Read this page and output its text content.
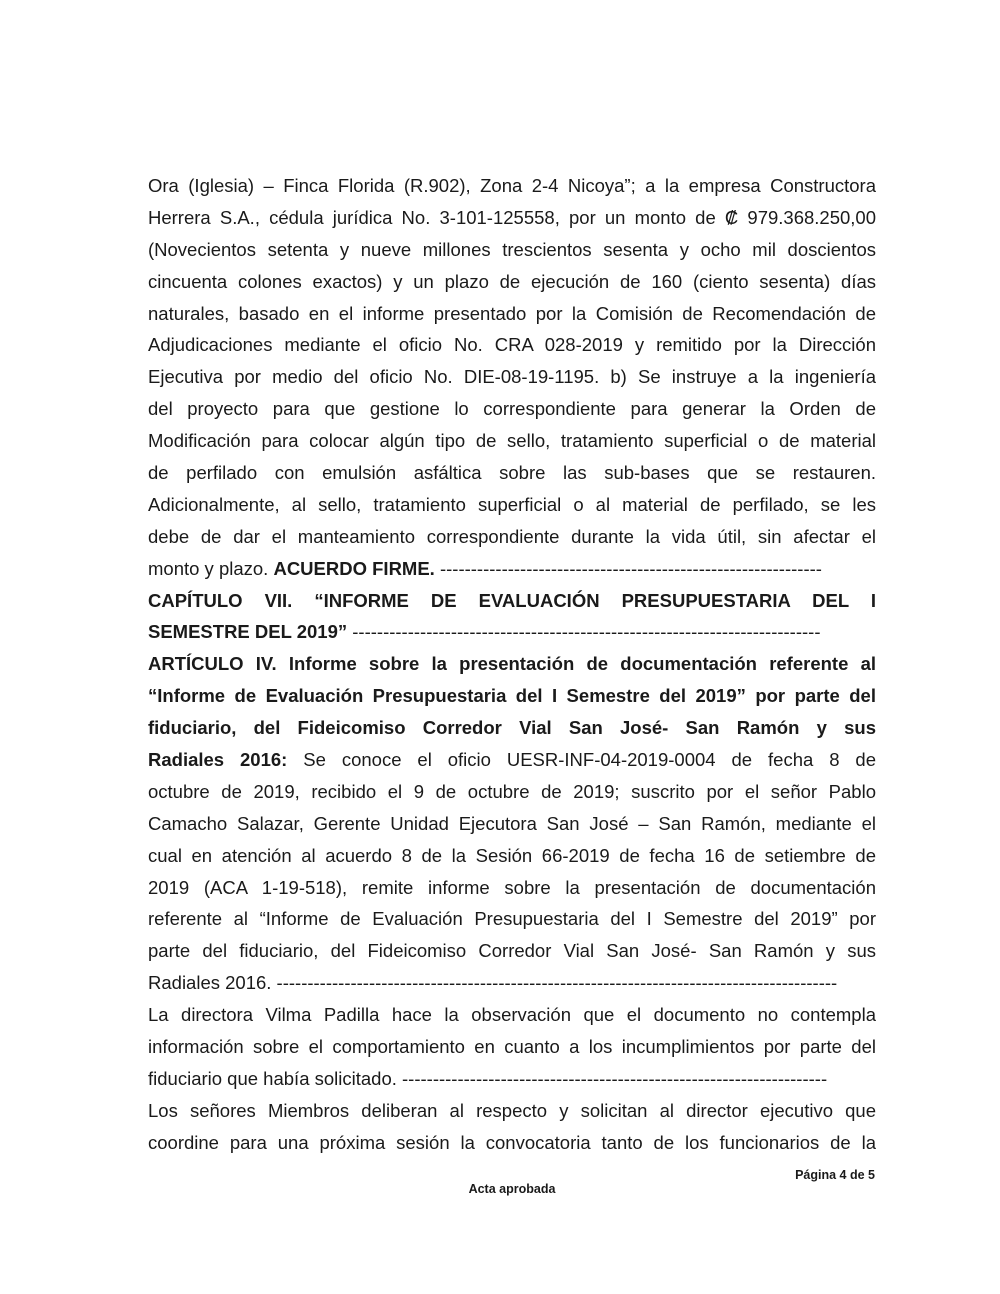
Ora (Iglesia) – Finca Florida (R.902), Zona 2-4 Nicoya”; a la empresa Constructora
Herrera S.A., cédula jurídica No. 3-101-125558, por un monto de ₡ 979.368.250,00
(Novecientos setenta y nueve millones trescientos sesenta y ocho mil doscientos
cincuenta colones exactos) y un plazo de ejecución de 160 (ciento sesenta) días
naturales, basado en el informe presentado por la Comisión de Recomendación de
Adjudicaciones mediante el oficio No. CRA 028-2019 y remitido por la Dirección
Ejecutiva por medio del oficio No. DIE-08-19-1195. b) Se instruye a la ingeniería
del proyecto para que gestione lo correspondiente para generar la Orden de
Modificación para colocar algún tipo de sello, tratamiento superficial o de material
de perfilado con emulsión asfáltica sobre las sub-bases que se restauren.
Adicionalmente, al sello, tratamiento superficial o al material de perfilado, se les
debe de dar el manteamiento correspondiente durante la vida útil, sin afectar el
monto y plazo. ACUERDO FIRME. --------------------------------------------------------------
CAPÍTULO VII. “INFORME DE EVALUACIÓN PRESUPUESTARIA DEL I
SEMESTRE DEL 2019” ----------------------------------------------------------------------------
ARTÍCULO IV. Informe sobre la presentación de documentación referente al
“Informe de Evaluación Presupuestaria del I Semestre del 2019” por parte del
fiduciario, del Fideicomiso Corredor Vial San José- San Ramón y sus
Radiales 2016: Se conoce el oficio UESR-INF-04-2019-0004 de fecha 8 de
octubre de 2019, recibido el 9 de octubre de 2019; suscrito por el señor Pablo
Camacho Salazar, Gerente Unidad Ejecutora San José – San Ramón, mediante el
cual en atención al acuerdo 8 de la Sesión 66-2019 de fecha 16 de setiembre de
2019 (ACA 1-19-518), remite informe sobre la presentación de documentación
referente al “Informe de Evaluación Presupuestaria del I Semestre del 2019” por
parte del fiduciario, del Fideicomiso Corredor Vial San José- San Ramón y sus
Radiales 2016. -------------------------------------------------------------------------------------------
La directora Vilma Padilla hace la observación que el documento no contempla
información sobre el comportamiento en cuanto a los incumplimientos por parte del
fiduciario que había solicitado. ---------------------------------------------------------------------
Los señores Miembros deliberan al respecto y solicitan al director ejecutivo que
coordine para una próxima sesión la convocatoria tanto de los funcionarios de la
Página 4 de 5
Acta aprobada
